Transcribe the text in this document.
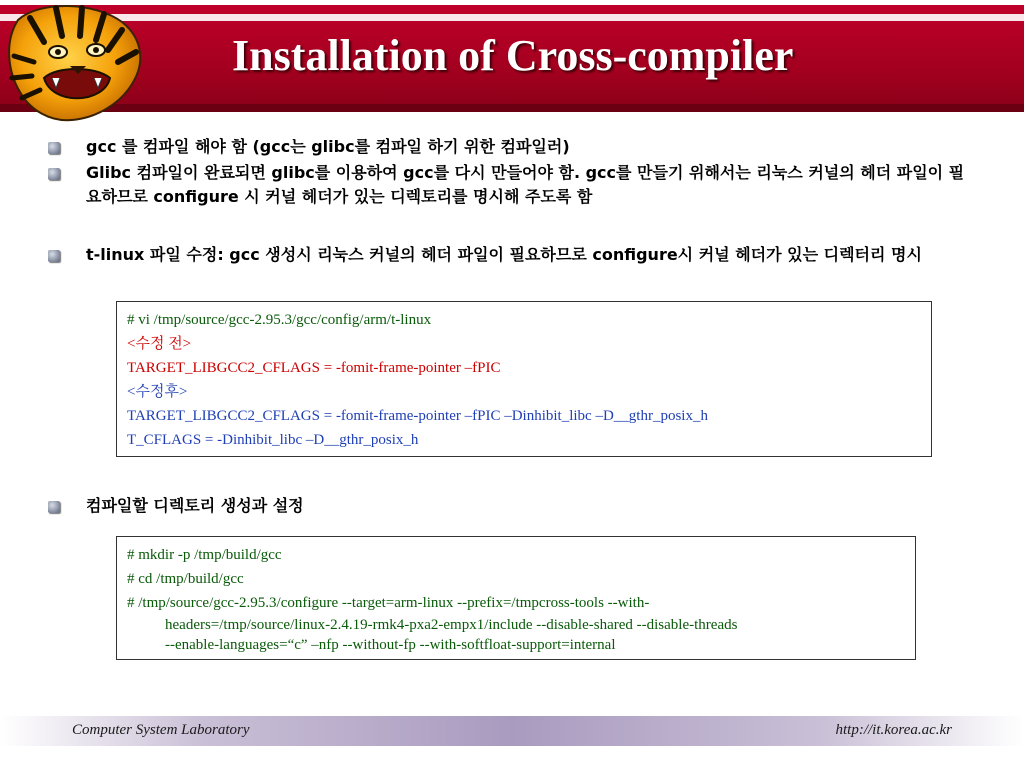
Installation of Cross-compiler
gcc 를 컴파일 해야 함 (gcc는 glibc를 컴파일 하기 위한 컴파일러)
Glibc 컴파일이 완료되면 glibc를 이용하여 gcc를 다시 만들어야 함. gcc를 만들기 위해서는 리눅스 커널의 헤더 파일이 필요하므로 configure 시 커널 헤더가 있는 디렉토리를 명시해 주도록 함
t-linux 파일 수정: gcc 생성시 리눅스 커널의 헤더 파일이 필요하므로 configure시 커널 헤더가 있는 디렉터리 명시
# vi /tmp/source/gcc-2.95.3/gcc/config/arm/t-linux
<수정 전>
TARGET_LIBGCC2_CFLAGS = -fomit-frame-pointer –fPIC
<수정후>
TARGET_LIBGCC2_CFLAGS = -fomit-frame-pointer –fPIC –Dinhibit_libc –D__gthr_posix_h
T_CFLAGS = -Dinhibit_libc –D__gthr_posix_h
컴파일할 디렉토리 생성과 설정
# mkdir -p /tmp/build/gcc
# cd /tmp/build/gcc
# /tmp/source/gcc-2.95.3/configure --target=arm-linux --prefix=/tmpcross-tools --with-
headers=/tmp/source/linux-2.4.19-rmk4-pxa2-empx1/include --disable-shared --disable-threads
--enable-languages=“c” –nfp --without-fp --with-softfloat-support=internal
Computer System Laboratory	http://it.korea.ac.kr
